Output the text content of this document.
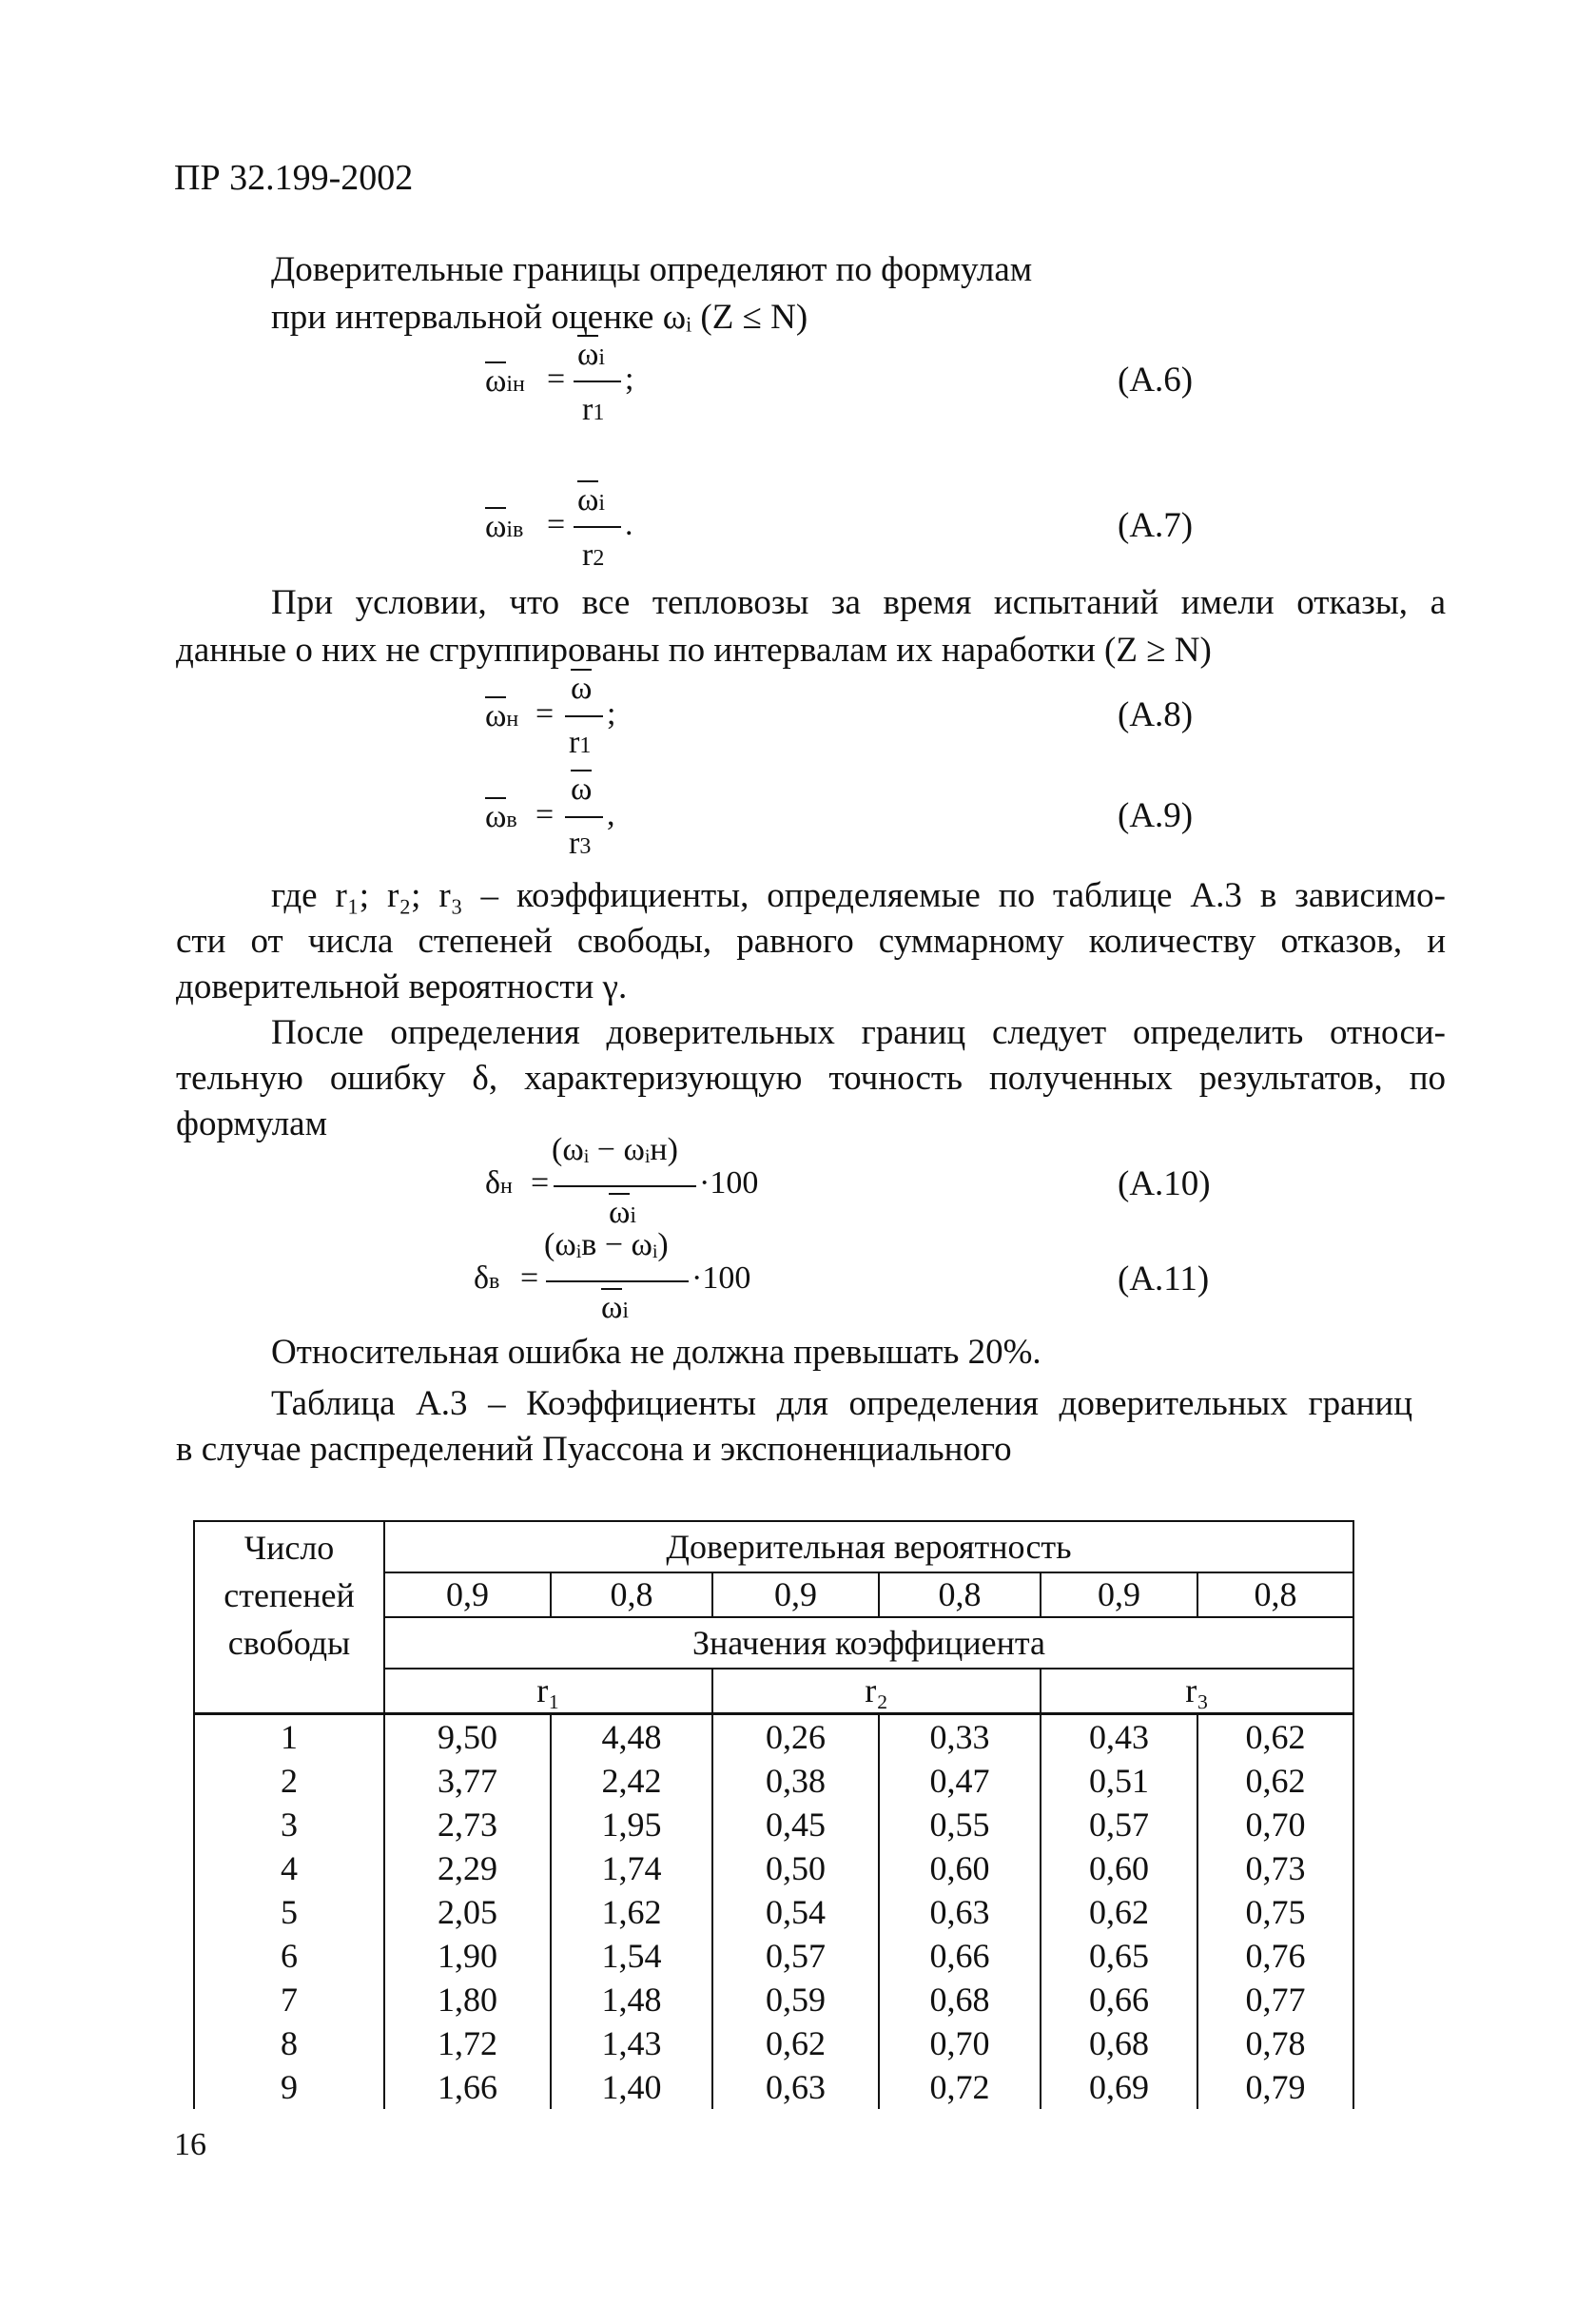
ПР 32.199-2002
Доверительные границы определяют по формулам
при интервальной оценке ωᵢ (Z ≤ N)
ωiн =
ωi
r1
;	(А.6)
ωiв =
ωi
r2
.	(А.7)
При условии, что все тепловозы за время испытаний имели отказы, а
данные о них не сгруппированы по интервалам их наработки (Z ≥ N)
ωн =
ω
r1
;	(А.8)
ωв =
ω
r3
,	(А.9)
где r₁; r₂; r₃ – коэффициенты, определяемые по таблице А.3 в зависимо-
сти от числа степеней свободы, равного суммарному количеству отказов, и
доверительной вероятности γ.
После определения доверительных границ следует определить относи-
тельную ошибку δ, характеризующую точность полученных результатов, по
формулам
δн =
(ωᵢ − ωᵢн)
ωi
·100	(А.10)
δв =
(ωᵢв − ωᵢ)
ωi
·100	(А.11)
Относительная ошибка не должна превышать 20%.
Таблица А.3 – Коэффициенты для определения доверительных границ
в случае распределений Пуассона и экспоненциального
Число
степеней
свободы	Доверительная вероятность					
	0,9	0,8	0,9	0,8	0,9	0,8
	Значения коэффициента					
	r₁		r₂		r₃	
1	9,50	4,48	0,26	0,33	0,43	0,62
2	3,77	2,42	0,38	0,47	0,51	0,62
3	2,73	1,95	0,45	0,55	0,57	0,70
4	2,29	1,74	0,50	0,60	0,60	0,73
5	2,05	1,62	0,54	0,63	0,62	0,75
6	1,90	1,54	0,57	0,66	0,65	0,76
7	1,80	1,48	0,59	0,68	0,66	0,77
8	1,72	1,43	0,62	0,70	0,68	0,78
9	1,66	1,40	0,63	0,72	0,69	0,79
16
